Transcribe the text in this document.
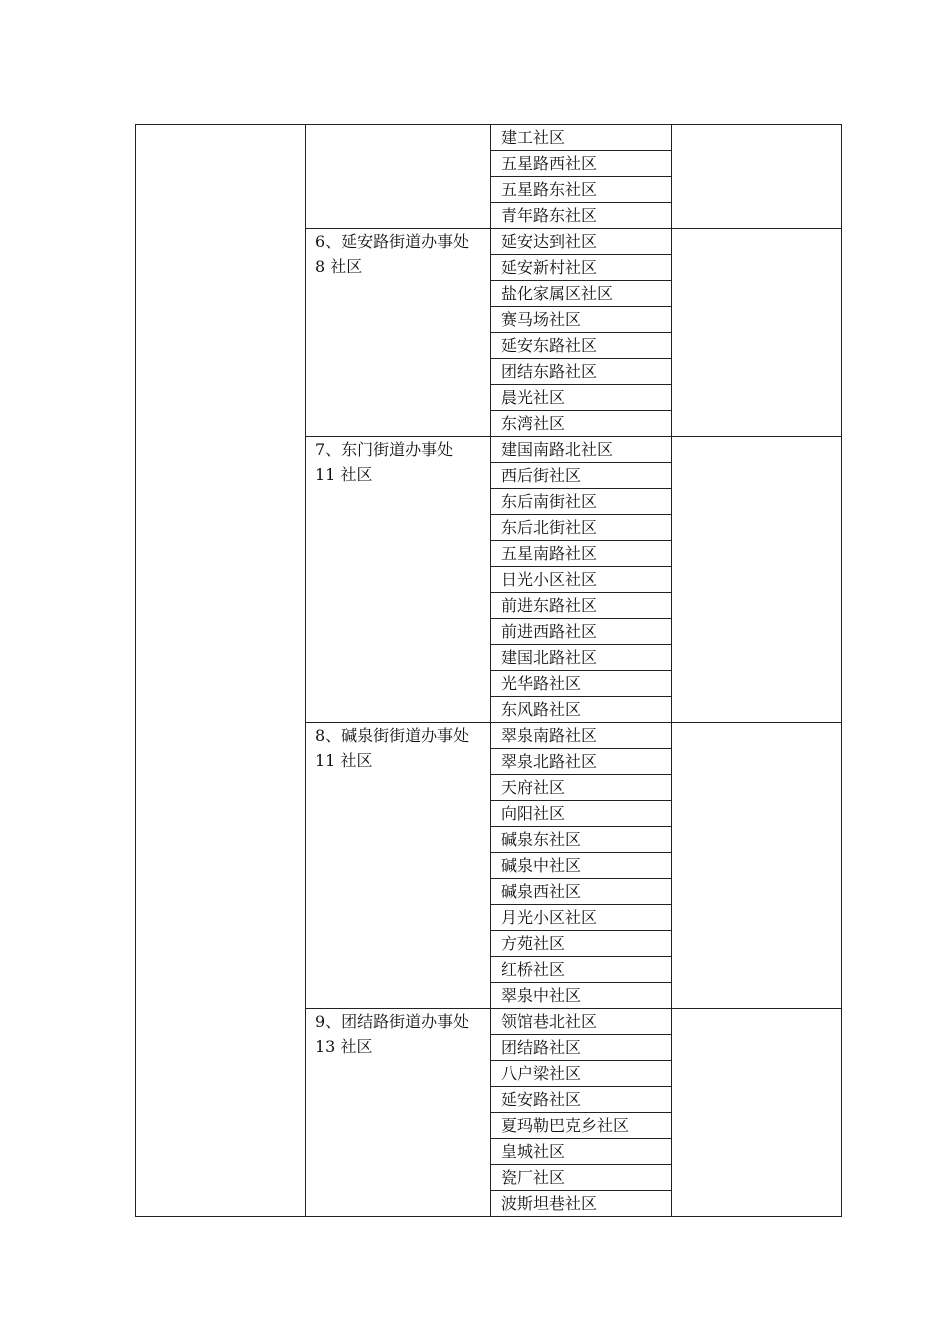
	建工社区	
		五星路西社区	
		五星路东社区	
		青年路东社区	

	6、延安路街道办事处
8 社区	延安达到社区	
		延安新村社区	
		盐化家属区社区	
		赛马场社区	
		延安东路社区	
		团结东路社区	
		晨光社区	
		东湾社区	

	7、东门街道办事处
11 社区	建国南路北社区	
		西后街社区	
		东后南街社区	
		东后北街社区	
		五星南路社区	
		日光小区社区	
		前进东路社区	
		前进西路社区	
		建国北路社区	
		光华路社区	
		东风路社区	

	8、碱泉街街道办事处
11 社区	翠泉南路社区	
		翠泉北路社区	
		天府社区	
		向阳社区	
		碱泉东社区	
		碱泉中社区	
		碱泉西社区	
		月光小区社区	
		方苑社区	
		红桥社区	
		翠泉中社区	

	9、团结路街道办事处
13 社区	领馆巷北社区	
		团结路社区	
		八户梁社区	
		延安路社区	
		夏玛勒巴克乡社区	
		皇城社区	
		瓷厂社区	
		波斯坦巷社区	
